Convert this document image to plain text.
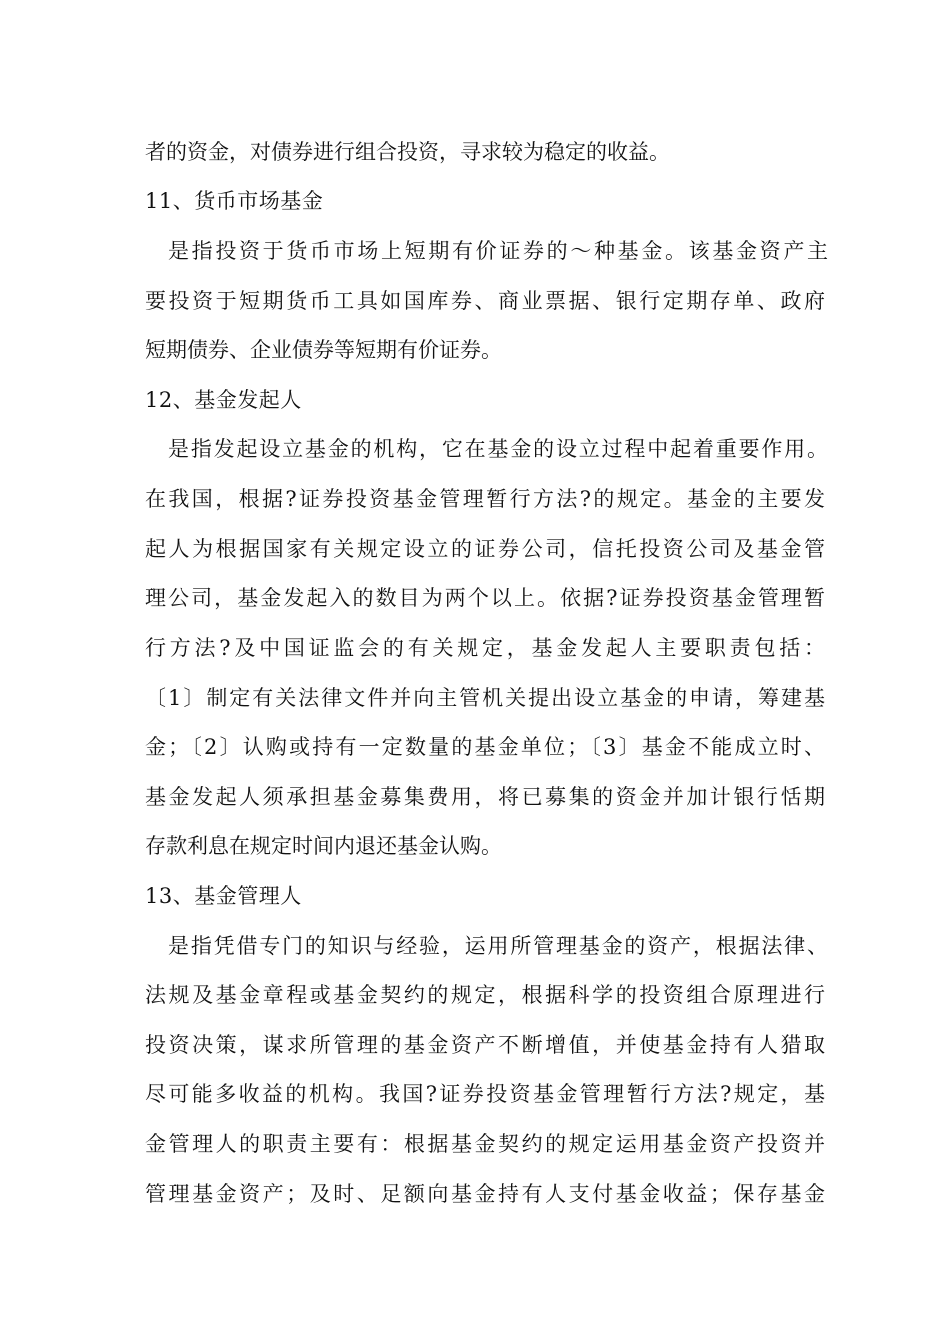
者的资金，对债券进行组合投资，寻求较为稳定的收益。
11、货币市场基金
是指投资于货币市场上短期有价证券的～种基金。该基金资产主
要投资于短期货币工具如国库券、商业票据、银行定期存单、政府
短期债券、企业债券等短期有价证券。
12、基金发起人
是指发起设立基金的机构，它在基金的设立过程中起着重要作用。
在我国，根据?证券投资基金管理暂行方法?的规定。基金的主要发
起人为根据国家有关规定设立的证券公司，信托投资公司及基金管
理公司，基金发起入的数目为两个以上。依据?证券投资基金管理暂
行方法?及中国证监会的有关规定，基金发起人主要职责包括：
〔1〕制定有关法律文件并向主管机关提出设立基金的申请，筹建基
金；〔2〕认购或持有一定数量的基金单位；〔3〕基金不能成立时、
基金发起人须承担基金募集费用，将已募集的资金并加计银行恬期
存款利息在规定时间内退还基金认购。
13、基金管理人
是指凭借专门的知识与经验，运用所管理基金的资产，根据法律、
法规及基金章程或基金契约的规定，根据科学的投资组合原理进行
投资决策，谋求所管理的基金资产不断增值，并使基金持有人猎取
尽可能多收益的机构。我国?证券投资基金管理暂行方法?规定，基
金管理人的职责主要有：根据基金契约的规定运用基金资产投资并
管理基金资产；及时、足额向基金持有人支付基金收益；保存基金
